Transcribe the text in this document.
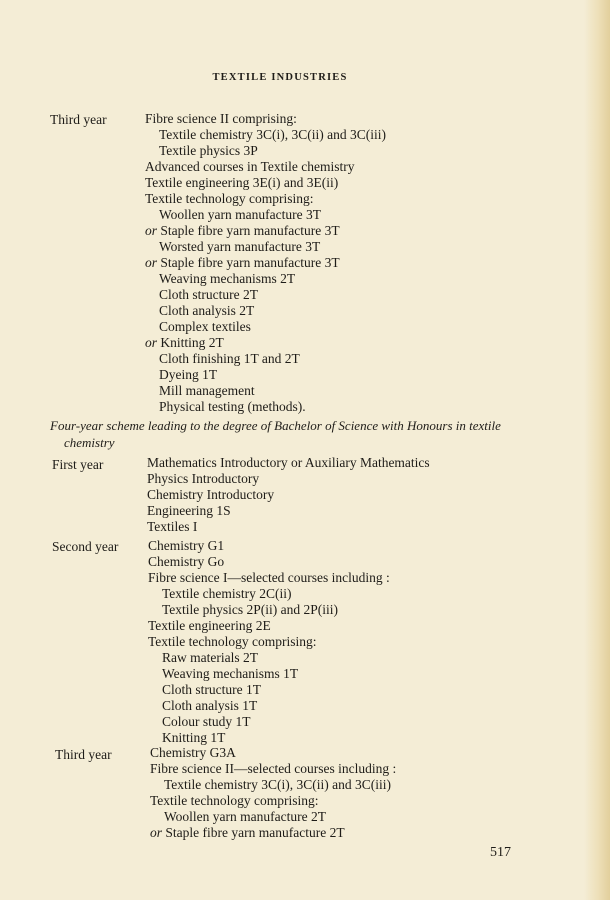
TEXTILE INDUSTRIES
Third year	Fibre science II comprising:
Textile chemistry 3C(i), 3C(ii) and 3C(iii)
Textile physics 3P
Advanced courses in Textile chemistry
Textile engineering 3E(i) and 3E(ii)
Textile technology comprising:
Woollen yarn manufacture 3T
or Staple fibre yarn manufacture 3T
Worsted yarn manufacture 3T
or Staple fibre yarn manufacture 3T
Weaving mechanisms 2T
Cloth structure 2T
Cloth analysis 2T
Complex textiles
or Knitting 2T
Cloth finishing 1T and 2T
Dyeing 1T
Mill management
Physical testing (methods).
Four-year scheme leading to the degree of Bachelor of Science with Honours in textile
chemistry
First year	Mathematics Introductory or Auxiliary Mathematics
Physics Introductory
Chemistry Introductory
Engineering 1S
Textiles I
Second year Chemistry G1
Chemistry Go
Fibre science I—selected courses including :
Textile chemistry 2C(ii)
Textile physics 2P(ii) and 2P(iii)
Textile engineering 2E
Textile technology comprising:
Raw materials 2T
Weaving mechanisms 1T
Cloth structure 1T
Cloth analysis 1T
Colour study 1T
Knitting 1T
Third year	Chemistry G3A
Fibre science II—selected courses including :
Textile chemistry 3C(i), 3C(ii) and 3C(iii)
Textile technology comprising:
Woollen yarn manufacture 2T
or Staple fibre yarn manufacture 2T
517
